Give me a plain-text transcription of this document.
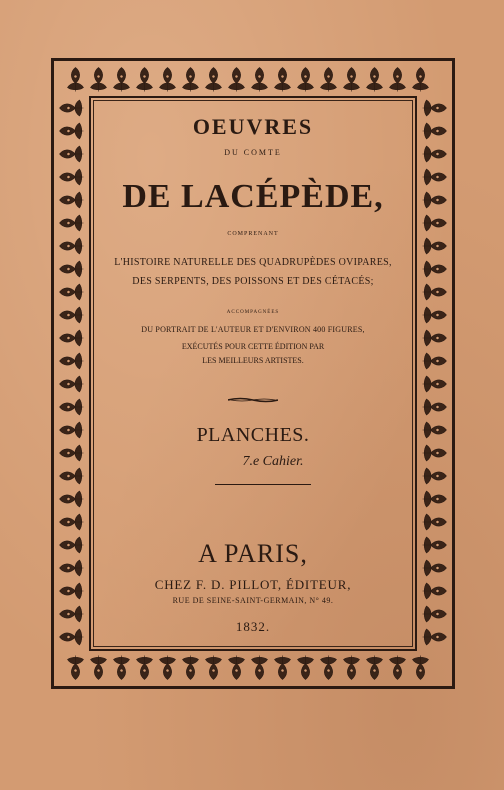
OEUVRES
DU COMTE
DE LACÉPÈDE,
COMPRENANT
L'HISTOIRE NATURELLE DES QUADRUPÈDES OVIPARES,
DES SERPENTS, DES POISSONS ET DES CÉTACÉS;
ACCOMPAGNÉES
DU PORTRAIT DE L'AUTEUR ET D'ENVIRON 400 FIGURES,
EXÉCUTÉS POUR CETTE ÉDITION PAR
LES MEILLEURS ARTISTES.
PLANCHES.
7.e Cahier.
A PARIS,
CHEZ F. D. PILLOT, ÉDITEUR,
RUE DE SEINE-SAINT-GERMAIN, N° 49.
1832.
